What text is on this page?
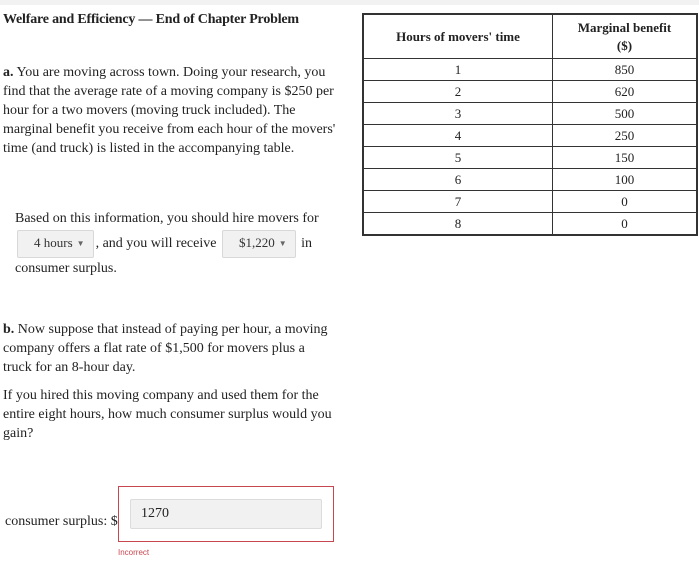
Welfare and Efficiency — End of Chapter Problem

a. You are moving across town. Doing your research, you find that the average rate of a moving company is $250 per hour for a two movers (moving truck included). The marginal benefit you receive from each hour of the movers' time (and truck) is listed in the accompanying table.

Based on this information, you should hire movers for
4 hours ▼ , and you will receive $1,220 ▼ in

consumer surplus.

b. Now suppose that instead of paying per hour, a moving company offers a flat rate of $1,500 for movers plus a truck for an 8-hour day.

If you hired this moving company and used them for the entire eight hours, how much consumer surplus would you gain?

consumer surplus: $
1270
Incorrect
Hours of movers' time	Marginal benefit
($)
1	850
2	620
3	500
4	250
5	150
6	100
7	0
8	0
